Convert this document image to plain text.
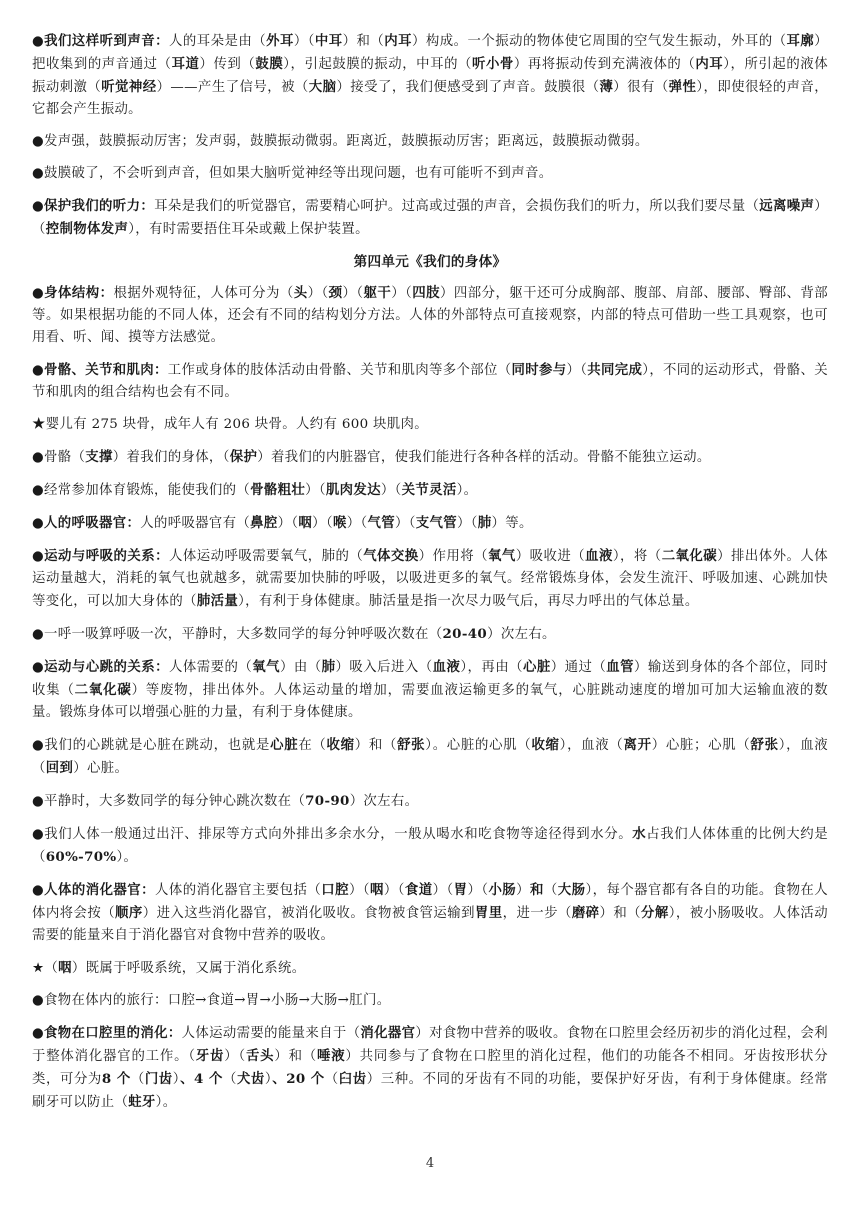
●我们这样听到声音：人的耳朵是由（外耳）（中耳）和（内耳）构成。一个振动的物体使它周围的空气发生振动，外耳的（耳廓）把收集到的声音通过（耳道）传到（鼓膜），引起鼓膜的振动，中耳的（听小骨）再将振动传到充满液体的（内耳），所引起的液体振动刺激（听觉神经）——产生了信号，被（大脑）接受了，我们便感受到了声音。鼓膜很（薄）很有（弹性），即使很轻的声音，它都会产生振动。

●发声强，鼓膜振动厉害；发声弱，鼓膜振动微弱。距离近，鼓膜振动厉害；距离远，鼓膜振动微弱。

●鼓膜破了，不会听到声音，但如果大脑听觉神经等出现问题，也有可能听不到声音。

●保护我们的听力：耳朵是我们的听觉器官，需要精心呵护。过高或过强的声音，会损伤我们的听力，所以我们要尽量（远离噪声）（控制物体发声），有时需要捂住耳朵或戴上保护装置。

第四单元《我们的身体》

●身体结构：根据外观特征，人体可分为（头）（颈）（躯干）（四肢）四部分，躯干还可分成胸部、腹部、肩部、腰部、臀部、背部等。如果根据功能的不同人体，还会有不同的结构划分方法。人体的外部特点可直接观察，内部的特点可借助一些工具观察，也可用看、听、闻、摸等方法感觉。

●骨骼、关节和肌肉：工作或身体的肢体活动由骨骼、关节和肌肉等多个部位（同时参与）（共同完成），不同的运动形式，骨骼、关节和肌肉的组合结构也会有不同。

★婴儿有 275 块骨，成年人有 206 块骨。人约有 600 块肌肉。

●骨骼（支撑）着我们的身体，（保护）着我们的内脏器官，使我们能进行各种各样的活动。骨骼不能独立运动。

●经常参加体育锻炼，能使我们的（骨骼粗壮）（肌肉发达）（关节灵活）。

●人的呼吸器官：人的呼吸器官有（鼻腔）（咽）（喉）（气管）（支气管）（肺）等。

●运动与呼吸的关系：人体运动呼吸需要氧气，肺的（气体交换）作用将（氧气）吸收进（血液），将（二氧化碳）排出体外。人体运动量越大，消耗的氧气也就越多，就需要加快肺的呼吸，以吸进更多的氧气。经常锻炼身体，会发生流汗、呼吸加速、心跳加快等变化，可以加大身体的（肺活量），有利于身体健康。肺活量是指一次尽力吸气后，再尽力呼出的气体总量。

●一呼一吸算呼吸一次，平静时，大多数同学的每分钟呼吸次数在（20-40）次左右。

●运动与心跳的关系：人体需要的（氧气）由（肺）吸入后进入（血液），再由（心脏）通过（血管）输送到身体的各个部位，同时收集（二氧化碳）等废物，排出体外。人体运动量的增加，需要血液运输更多的氧气，心脏跳动速度的增加可加大运输血液的数量。锻炼身体可以增强心脏的力量，有利于身体健康。

●我们的心跳就是心脏在跳动，也就是心脏在（收缩）和（舒张）。心脏的心肌（收缩），血液（离开）心脏；心肌（舒张），血液（回到）心脏。

●平静时，大多数同学的每分钟心跳次数在（70-90）次左右。

●我们人体一般通过出汗、排尿等方式向外排出多余水分，一般从喝水和吃食物等途径得到水分。水占我们人体体重的比例大约是（60%-70%）。

●人体的消化器官：人体的消化器官主要包括（口腔）（咽）（食道）（胃）（小肠）和（大肠），每个器官都有各自的功能。食物在人体内将会按（顺序）进入这些消化器官，被消化吸收。食物被食管运输到胃里，进一步（磨碎）和（分解），被小肠吸收。人体活动需要的能量来自于消化器官对食物中营养的吸收。

★（咽）既属于呼吸系统，又属于消化系统。

●食物在体内的旅行：口腔→食道→胃→小肠→大肠→肛门。

●食物在口腔里的消化：人体运动需要的能量来自于（消化器官）对食物中营养的吸收。食物在口腔里会经历初步的消化过程，会利于整体消化器官的工作。（牙齿）（舌头）和（唾液）共同参与了食物在口腔里的消化过程，他们的功能各不相同。牙齿按形状分类，可分为8 个（门齿）、4 个（犬齿）、20 个（臼齿）三种。不同的牙齿有不同的功能，要保护好牙齿，有利于身体健康。经常刷牙可以防止（蛀牙）。

4
